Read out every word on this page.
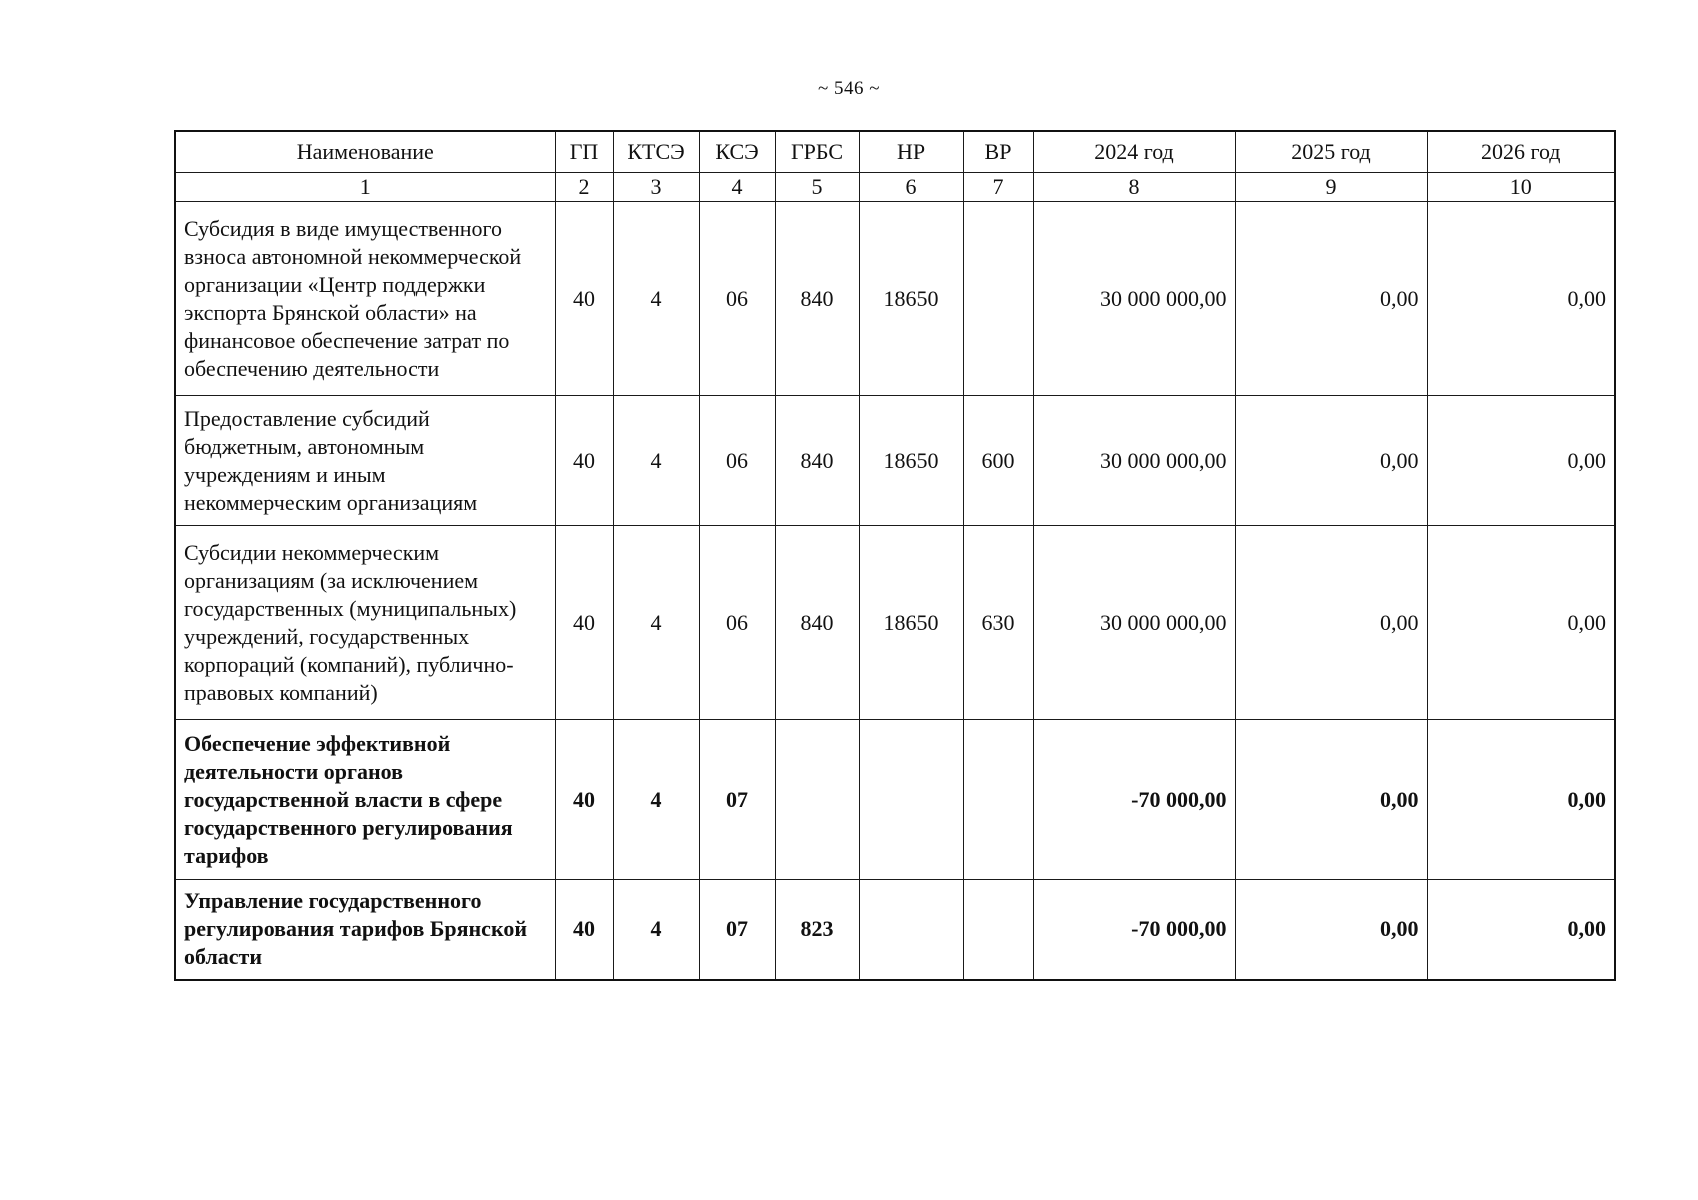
~ 546 ~
Наименование	ГП	КТСЭ	КСЭ	ГРБС	НР	ВР	2024 год	2025 год	2026 год
1	2	3	4	5	6	7	8	9	10
Субсидия в виде имущественного взноса автономной некоммерческой организации «Центр поддержки экспорта Брянской области» на финансовое обеспечение затрат по обеспечению деятельности	40	4	06	840	18650		30 000 000,00	0,00	0,00
Предоставление субсидий бюджетным, автономным учреждениям и иным некоммерческим организациям	40	4	06	840	18650	600	30 000 000,00	0,00	0,00
Субсидии некоммерческим организациям (за исключением государственных (муниципальных) учреждений, государственных корпораций (компаний), публично-правовых компаний)	40	4	06	840	18650	630	30 000 000,00	0,00	0,00
Обеспечение эффективной деятельности органов государственной власти в сфере государственного регулирования тарифов	40	4	07				-70 000,00	0,00	0,00
Управление государственного регулирования тарифов Брянской области	40	4	07	823			-70 000,00	0,00	0,00
